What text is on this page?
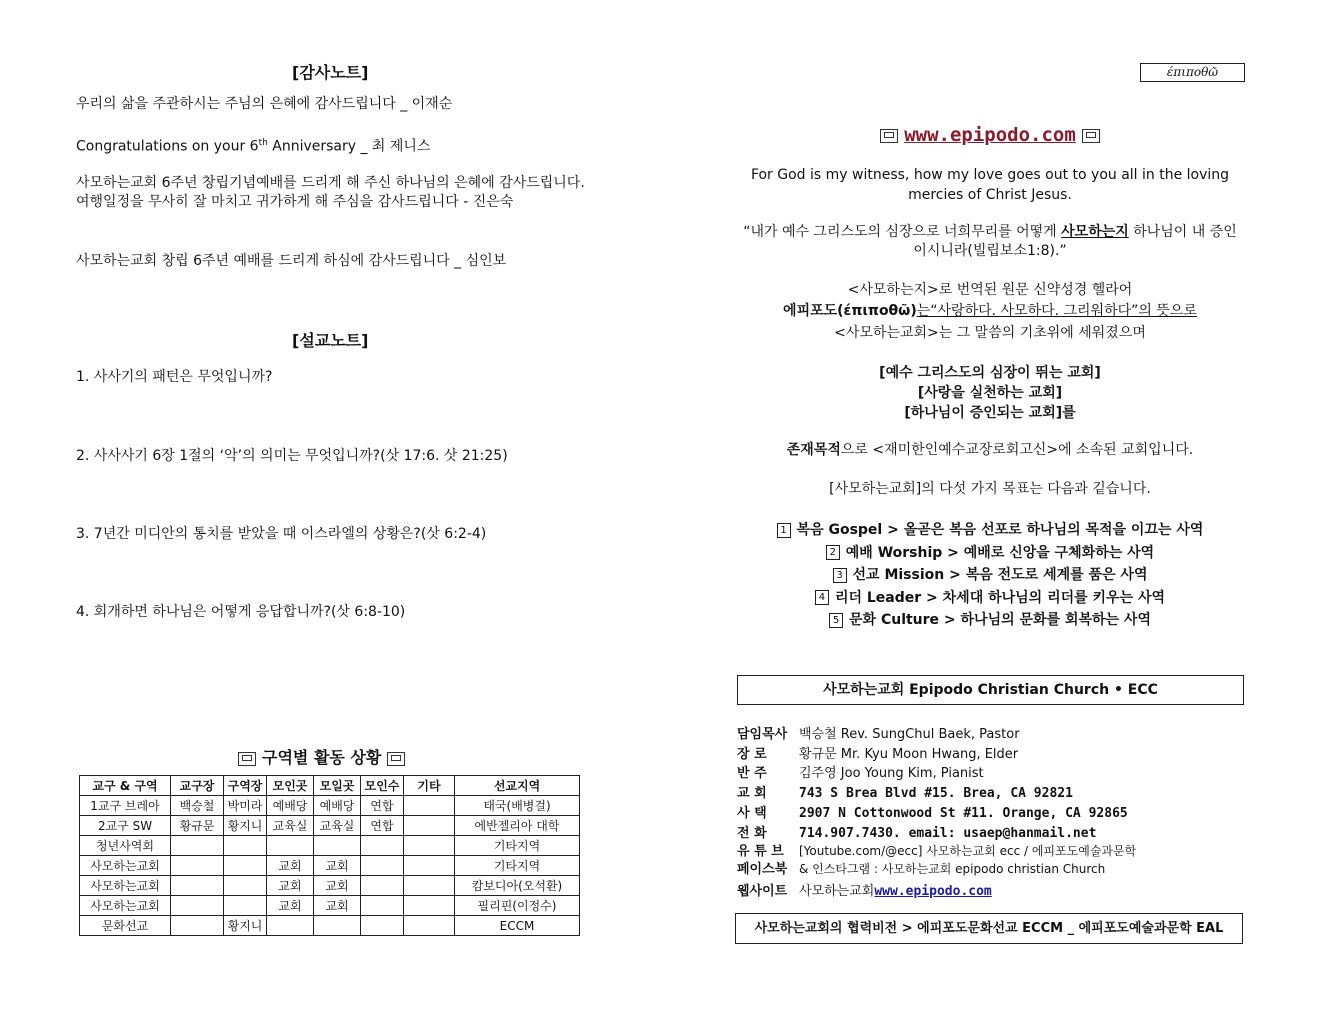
[감사노트]
우리의 삶을 주관하시는 주님의 은혜에 감사드립니다 _ 이재순
Congratulations on your 6th Anniversary _ 최 제니스
사모하는교회 6주년 창립기념예배를 드리게 해 주신 하나님의 은혜에 감사드립니다. 여행일정을 무사히 잘 마치고 귀가하게 해 주심을 감사드립니다 - 진은숙
사모하는교회 창립 6주년 예배를 드리게 하심에 감사드립니다 _ 심인보
[설교노트]
1. 사사기의 패턴은 무엇입니까?
2. 사사사기 6장 1절의 ‘악’의 의미는 무엇입니까?(삿 17:6. 삿 21:25)
3. 7년간 미디안의 통치를 받았을 때 이스라엘의 상황은?(삿 6:2-4)
4. 회개하면 하나님은 어떻게 응답합니까?(삿 6:8-10)
구역별 활동 상황
교구 & 구역	교구장	구역장	모인곳	모일곳	모인수	기타	선교지역
1교구 브레아	백승철	박미라	예배당	예배당	연합		태국(배병걸)
2교구 SW	황규문	황지니	교육실	교육실	연합		에반젤리아 대학
청년사역회							기타지역
사모하는교회			교회	교회			기타지역
사모하는교회			교회	교회			캄보디아(오석환)
사모하는교회			교회	교회			필리핀(이정수)
문화선교		황지니					ECCM
έπιποθῶ
www.epipodo.com
For God is my witness, how my love goes out to you all in the loving mercies of Christ Jesus.
“내가 예수 그리스도의 심장으로 너희무리를 어떻게 사모하는지 하나님이 내 증인이시니라(빌립보소1:8).”
<사모하는지>로 번역된 원문 신약성경 헬라어
에피포도(έπιποθῶ)는“사랑하다. 사모하다. 그리워하다”의 뜻으로
<사모하는교회>는 그 말씀의 기초위에 세워졌으며
[예수 그리스도의 심장이 뛰는 교회]
[사랑을 실천하는 교회]
[하나님이 증인되는 교회]를
존재목적으로 <재미한인예수교장로회고신>에 소속된 교회입니다.
[사모하는교회]의 다섯 가지 목표는 다음과 깉습니다.
1 복음 Gospel > 올곧은 복음 선포로 하나님의 목적을 이끄는 사역
2 예배 Worship > 예배로 신앙을 구체화하는 사역
3 선교 Mission > 복음 전도로 세계를 품은 사역
4 리더 Leader > 차세대 하나님의 리더를 키우는 사역
5 문화 Culture > 하나님의 문화를 회복하는 사역
사모하는교회 Epipodo Christian Church • ECC
담임목사 백승철 Rev. SungChul Baek, Pastor
장 로 황규문 Mr. Kyu Moon Hwang, Elder
반 주 김주영 Joo Young Kim, Pianist
교 회 743 S Brea Blvd #15. Brea, CA 92821
사 택 2907 N Cottonwood St #11. Orange, CA 92865
전 화 714.907.7430. email: usaep@hanmail.net
유 튜 브 [Youtube.com/@ecc] 사모하는교회 ecc / 에피포도예술과문학
페이스북 & 인스타그램 : 사모하는교회 epipodo christian Church
웹사이트 사모하는교회www.epipodo.com
사모하는교회의 협력비전 > 에피포도문화선교 ECCM _ 에피포도예술과문학 EAL
